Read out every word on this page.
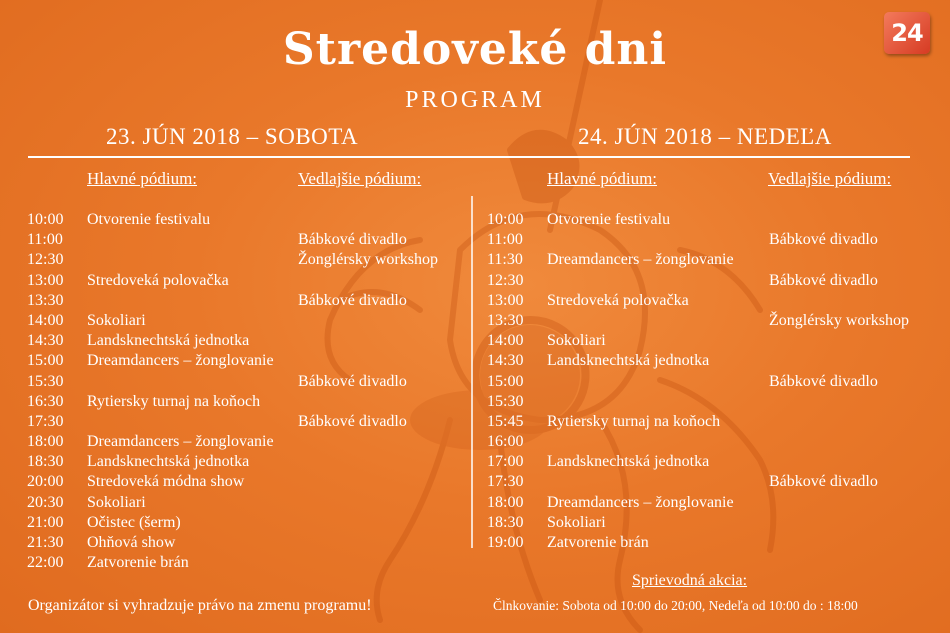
24
Stredoveké dni
PROGRAM
23. JÚN 2018 – SOBOTA	24. JÚN 2018 – NEDEĽA
Hlavné pódium:	Vedlajšie pódium:	Hlavné pódium:	Vedlajšie pódium:
10:00 Otvorenie festivalu
11:00	Bábkové divadlo
12:30	Žonglérsky workshop
13:00 Stredoveká polovačka
13:30	Bábkové divadlo
14:00 Sokoliari
14:30 Landsknechtská jednotka
15:00 Dreamdancers – žonglovanie
15:30	Bábkové divadlo
16:30 Rytiersky turnaj na koňoch
17:30	Bábkové divadlo
18:00 Dreamdancers – žonglovanie
18:30 Landsknechtská jednotka
20:00 Stredoveká módna show
20:30 Sokoliari
21:00 Očistec (šerm)
21:30 Ohňová show
22:00 Zatvorenie brán
10:00 Otvorenie festivalu
11:00	Bábkové divadlo
11:30 Dreamdancers – žonglovanie
12:30	Bábkové divadlo
13:00 Stredoveká polovačka
13:30	Žonglérsky workshop
14:00 Sokoliari
14:30 Landsknechtská jednotka
15:00	Bábkové divadlo
15:30
15:45 Rytiersky turnaj na koňoch
16:00
17:00 Landsknechtská jednotka
17:30	Bábkové divadlo
18:00 Dreamdancers – žonglovanie
18:30 Sokoliari
19:00 Zatvorenie brán
Organizátor si vyhradzuje právo na zmenu programu!
Sprievodná akcia:
Člnkovanie: Sobota od 10:00 do 20:00, Nedeľa od 10:00 do : 18:00
